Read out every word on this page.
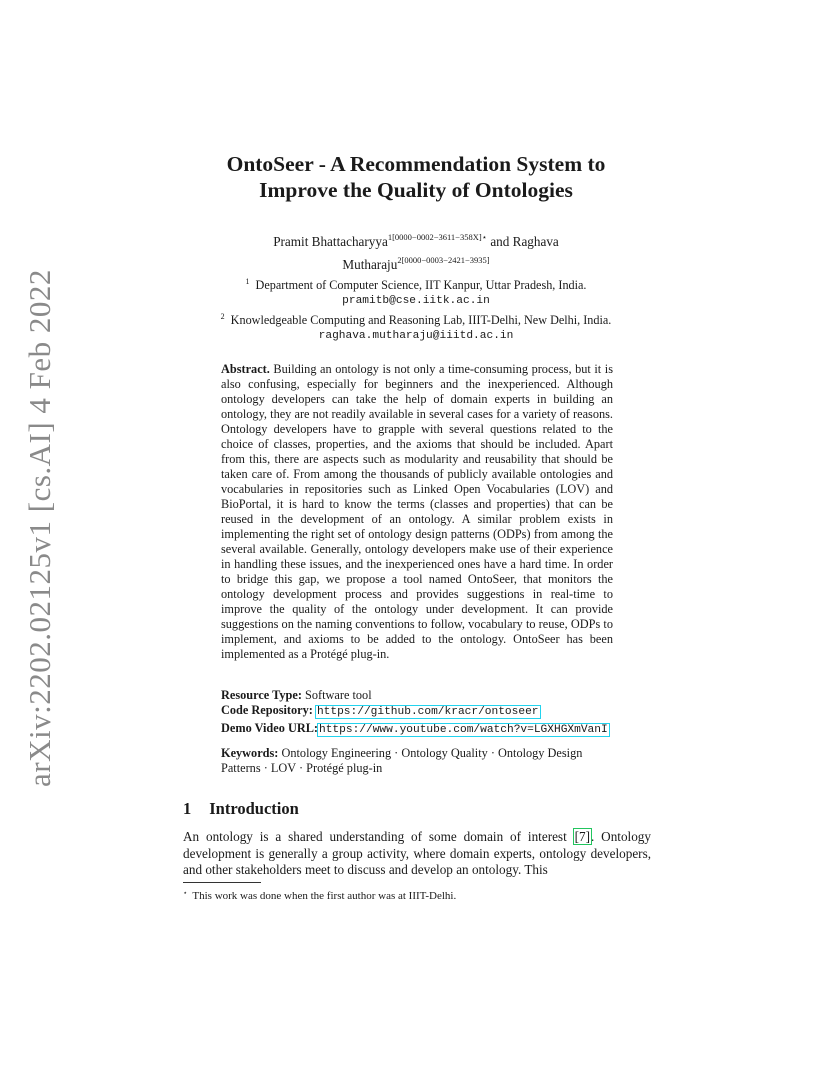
arXiv:2202.02125v1 [cs.AI] 4 Feb 2022
OntoSeer - A Recommendation System to
Improve the Quality of Ontologies
Pramit Bhattacharyya$^{1[0000-0002-3611-358X]⋆}$ and Raghava
Mutharaju$^{2[0000-0003-2421-3935]}$
$^1$ Department of Computer Science, IIT Kanpur, Uttar Pradesh, India.
pramitb@cse.iitk.ac.in
$^2$ Knowledgeable Computing and Reasoning Lab, IIIT-Delhi, New Delhi, India.
raghava.mutharaju@iiitd.ac.in
Abstract. Building an ontology is not only a time-consuming process, but it is also confusing, especially for beginners and the inexperienced. Although ontology developers can take the help of domain experts in building an ontology, they are not readily available in several cases for a variety of reasons. Ontology developers have to grapple with several questions related to the choice of classes, properties, and the axioms that should be included. Apart from this, there are aspects such as modularity and reusability that should be taken care of. From among the thousands of publicly available ontologies and vocabularies in repositories such as Linked Open Vocabularies (LOV) and BioPortal, it is hard to know the terms (classes and properties) that can be reused in the development of an ontology. A similar problem exists in implementing the right set of ontology design patterns (ODPs) from among the several available. Generally, ontology developers make use of their experience in handling these issues, and the inexperienced ones have a hard time. In order to bridge this gap, we propose a tool named OntoSeer, that monitors the ontology development process and provides suggestions in real-time to improve the quality of the ontology under development. It can provide suggestions on the naming conventions to follow, vocabulary to reuse, ODPs to implement, and axioms to be added to the ontology. OntoSeer has been implemented as a Protégé plug-in.
Resource Type: Software tool
Code Repository: https://github.com/kracr/ontoseer
Demo Video URL:https://www.youtube.com/watch?v=LGXHGXmVanI
Keywords: Ontology Engineering · Ontology Quality · Ontology Design Patterns · LOV · Protégé plug-in
1 Introduction
An ontology is a shared understanding of some domain of interest [7]. Ontology development is generally a group activity, where domain experts, ontology developers, and other stakeholders meet to discuss and develop an ontology. This
⋆ This work was done when the first author was at IIIT-Delhi.
